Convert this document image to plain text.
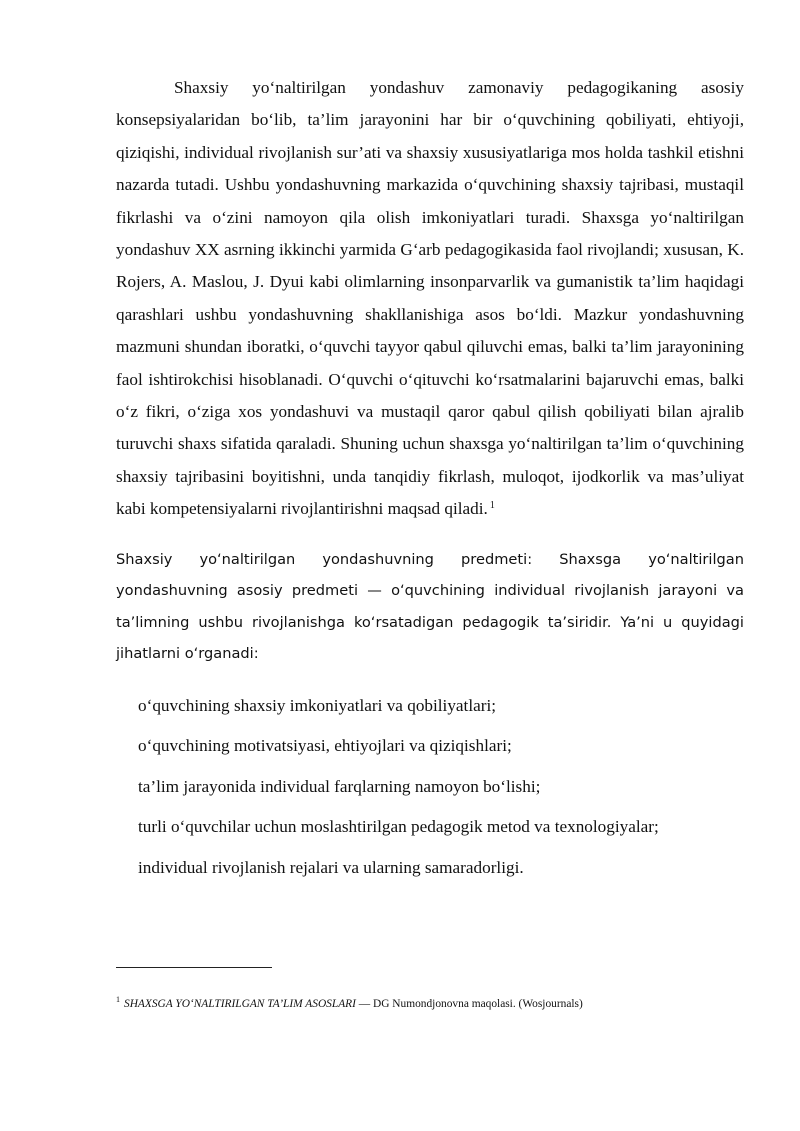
Shaxsiy yo‘naltirilgan yondashuv zamonaviy pedagogikaning asosiy konsepsiyalaridan bo‘lib, ta’lim jarayonini har bir o‘quvchining qobiliyati, ehtiyoji, qiziqishi, individual rivojlanish sur’ati va shaxsiy xususiyatlariga mos holda tashkil etishni nazarda tutadi. Ushbu yondashuvning markazida o‘quvchining shaxsiy tajribasi, mustaqil fikrlashi va o‘zini namoyon qila olish imkoniyatlari turadi. Shaxsga yo‘naltirilgan yondashuv XX asrning ikkinchi yarmida G‘arb pedagogikasida faol rivojlandi; xususan, K. Rojers, A. Maslou, J. Dyui kabi olimlarning insonparvarlik va gumanistik ta’lim haqidagi qarashlari ushbu yondashuvning shakllanishiga asos bo‘ldi. Mazkur yondashuvning mazmuni shundan iboratki, o‘quvchi tayyor qabul qiluvchi emas, balki ta’lim jarayonining faol ishtirokchisi hisoblanadi. O‘quvchi o‘qituvchi ko‘rsatmalarini bajaruvchi emas, balki o‘z fikri, o‘ziga xos yondashuvi va mustaqil qaror qabul qilish qobiliyati bilan ajralib turuvchi shaxs sifatida qaraladi. Shuning uchun shaxsga yo‘naltirilgan ta’lim o‘quvchining shaxsiy tajribasini boyitishni, unda tanqidiy fikrlash, muloqot, ijodkorlik va mas’uliyat kabi kompetensiyalarni rivojlantirishni maqsad qiladi. $^1$

Shaxsiy yo‘naltirilgan yondashuvning predmeti: Shaxsga yo‘naltirilgan
yondashuvning asosiy predmeti — o‘quvchining individual rivojlanish jarayoni va ta’limning ushbu rivojlanishga ko‘rsatadigan pedagogik ta’siridir. Ya’ni u quyidagi jihatlarni o‘rganadi:

o‘quvchining shaxsiy imkoniyatlari va qobiliyatlari;
o‘quvchining motivatsiyasi, ehtiyojlari va qiziqishlari;
ta’lim jarayonida individual farqlarning namoyon bo‘lishi;
turli o‘quvchilar uchun moslashtirilgan pedagogik metod va texnologiyalar;
individual rivojlanish rejalari va ularning samaradorligi.
$^1$ SHAXSGA YO‘NALTIRILGAN TA’LIM ASOSLARI — DG Numondjonovna maqolasi. (Wosjournals)
